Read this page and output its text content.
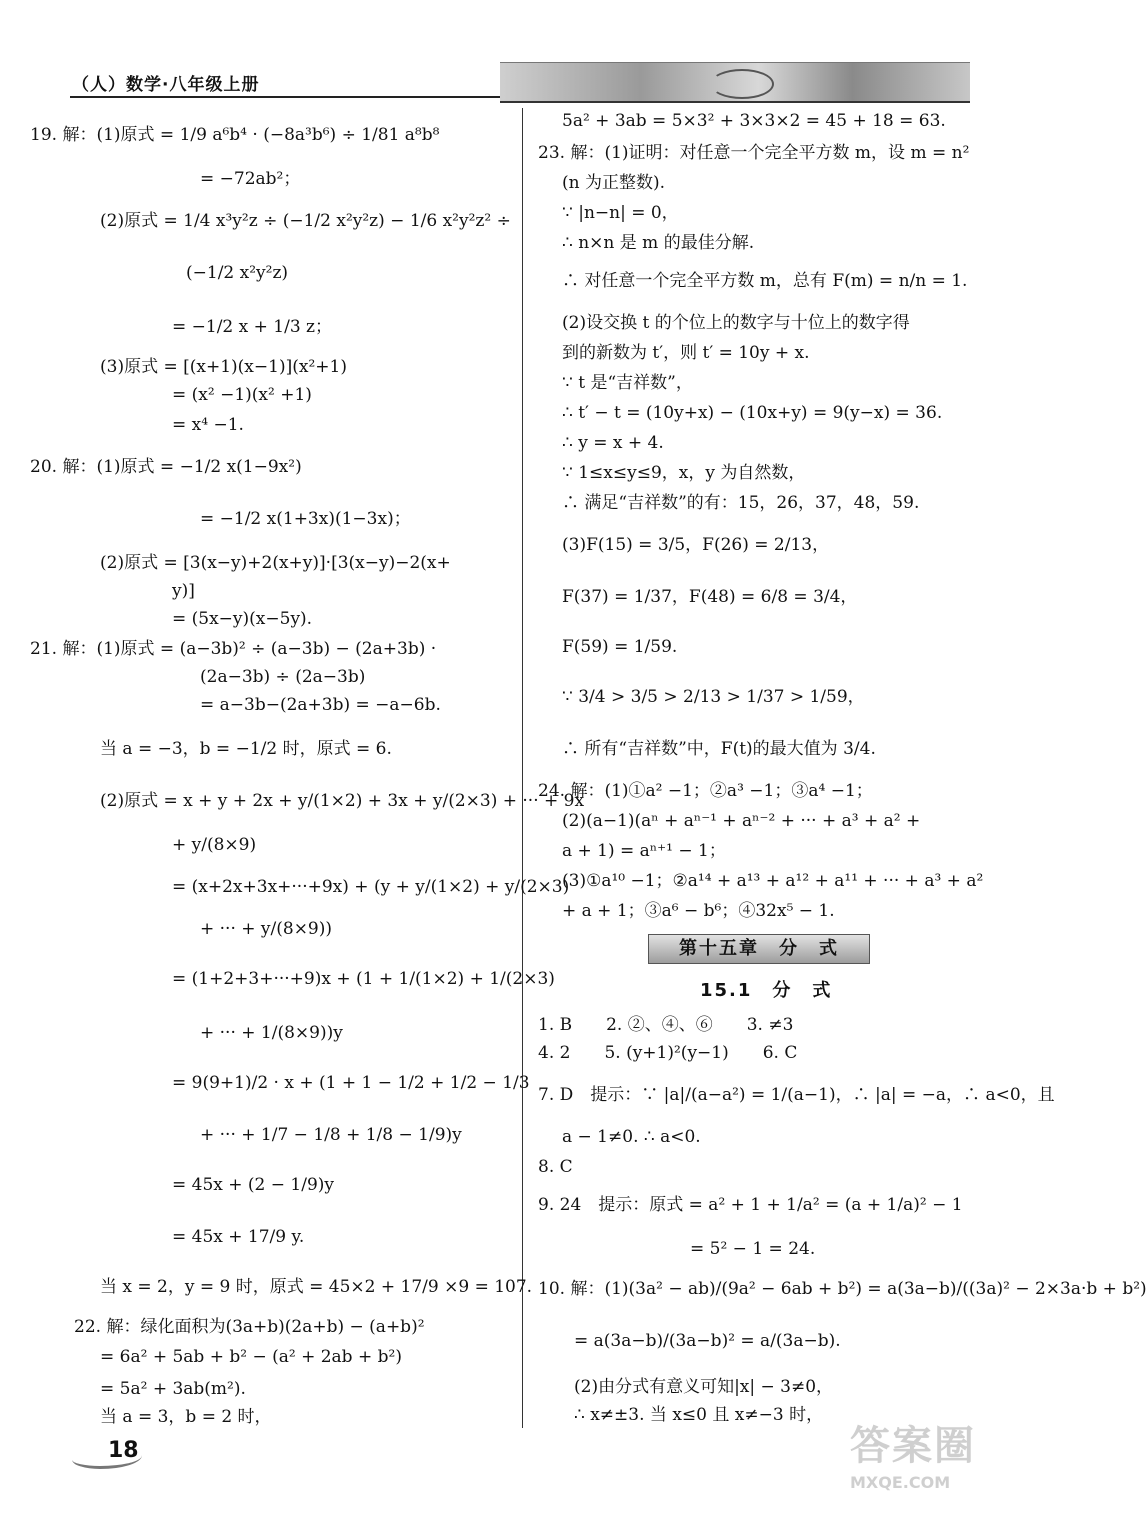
（人）数学·八年级上册
19. 解：(1)原式 = 1/9 a⁶b⁴ · (−8a³b⁶) ÷ 1/81 a⁸b⁸
= −72ab²；
(2)原式 = 1/4 x³y²z ÷ (−1/2 x²y²z) − 1/6 x²y²z² ÷
(−1/2 x²y²z)
= −1/2 x + 1/3 z；
(3)原式 = [(x+1)(x−1)](x²+1)
= (x² −1)(x² +1)
= x⁴ −1.
20. 解：(1)原式 = −1/2 x(1−9x²)
= −1/2 x(1+3x)(1−3x)；
(2)原式 = [3(x−y)+2(x+y)]·[3(x−y)−2(x+
y)]
= (5x−y)(x−5y).
21. 解：(1)原式 = (a−3b)² ÷ (a−3b) − (2a+3b) ·
(2a−3b) ÷ (2a−3b)
= a−3b−(2a+3b) = −a−6b.
当 a = −3，b = −1/2 时，原式 = 6.
(2)原式 = x + y + 2x + y/(1×2) + 3x + y/(2×3) + ··· + 9x
+ y/(8×9)
= (x+2x+3x+···+9x) + (y + y/(1×2) + y/(2×3)
+ ··· + y/(8×9))
= (1+2+3+···+9)x + (1 + 1/(1×2) + 1/(2×3)
+ ··· + 1/(8×9))y
= 9(9+1)/2 · x + (1 + 1 − 1/2 + 1/2 − 1/3
+ ··· + 1/7 − 1/8 + 1/8 − 1/9)y
= 45x + (2 − 1/9)y
= 45x + 17/9 y.
当 x = 2，y = 9 时，原式 = 45×2 + 17/9 ×9 = 107.
22. 解：绿化面积为(3a+b)(2a+b) − (a+b)²
= 6a² + 5ab + b² − (a² + 2ab + b²)
= 5a² + 3ab(m²).
当 a = 3，b = 2 时，
5a² + 3ab = 5×3² + 3×3×2 = 45 + 18 = 63.
23. 解：(1)证明：对任意一个完全平方数 m，设 m = n²
(n 为正整数).
∵ |n−n| = 0，
∴ n×n 是 m 的最佳分解.
∴ 对任意一个完全平方数 m，总有 F(m) = n/n = 1.
(2)设交换 t 的个位上的数字与十位上的数字得
到的新数为 t′，则 t′ = 10y + x.
∵ t 是“吉祥数”，
∴ t′ − t = (10y+x) − (10x+y) = 9(y−x) = 36.
∴ y = x + 4.
∵ 1≤x≤y≤9，x，y 为自然数，
∴ 满足“吉祥数”的有：15，26，37，48，59.
(3)F(15) = 3/5，F(26) = 2/13，
F(37) = 1/37，F(48) = 6/8 = 3/4，
F(59) = 1/59.
∵ 3/4 > 3/5 > 2/13 > 1/37 > 1/59，
∴ 所有“吉祥数”中，F(t)的最大值为 3/4.
24. 解：(1)①a² −1；②a³ −1；③a⁴ −1；
(2)(a−1)(aⁿ + aⁿ⁻¹ + aⁿ⁻² + ··· + a³ + a² +
a + 1) = aⁿ⁺¹ − 1；
(3)①a¹⁰ −1；②a¹⁴ + a¹³ + a¹² + a¹¹ + ··· + a³ + a²
+ a + 1；③a⁶ − b⁶；④32x⁵ − 1.
1. B　　2. ②、④、⑥　　3. ≠3
4. 2　　5. (y+1)²(y−1)　　6. C
7. D　提示：∵ |a|/(a−a²) = 1/(a−1)，∴ |a| = −a，∴ a<0，且
a − 1≠0. ∴ a<0.
8. C
9. 24　提示：原式 = a² + 1 + 1/a² = (a + 1/a)² − 1
= 5² − 1 = 24.
10. 解：(1)(3a² − ab)/(9a² − 6ab + b²) = a(3a−b)/((3a)² − 2×3a·b + b²)
= a(3a−b)/(3a−b)² = a/(3a−b).
(2)由分式有意义可知|x| − 3≠0，
∴ x≠±3. 当 x≤0 且 x≠−3 时，
第十五章　分　式
15.1　分　式
18	答案圈
MXQE.COM
